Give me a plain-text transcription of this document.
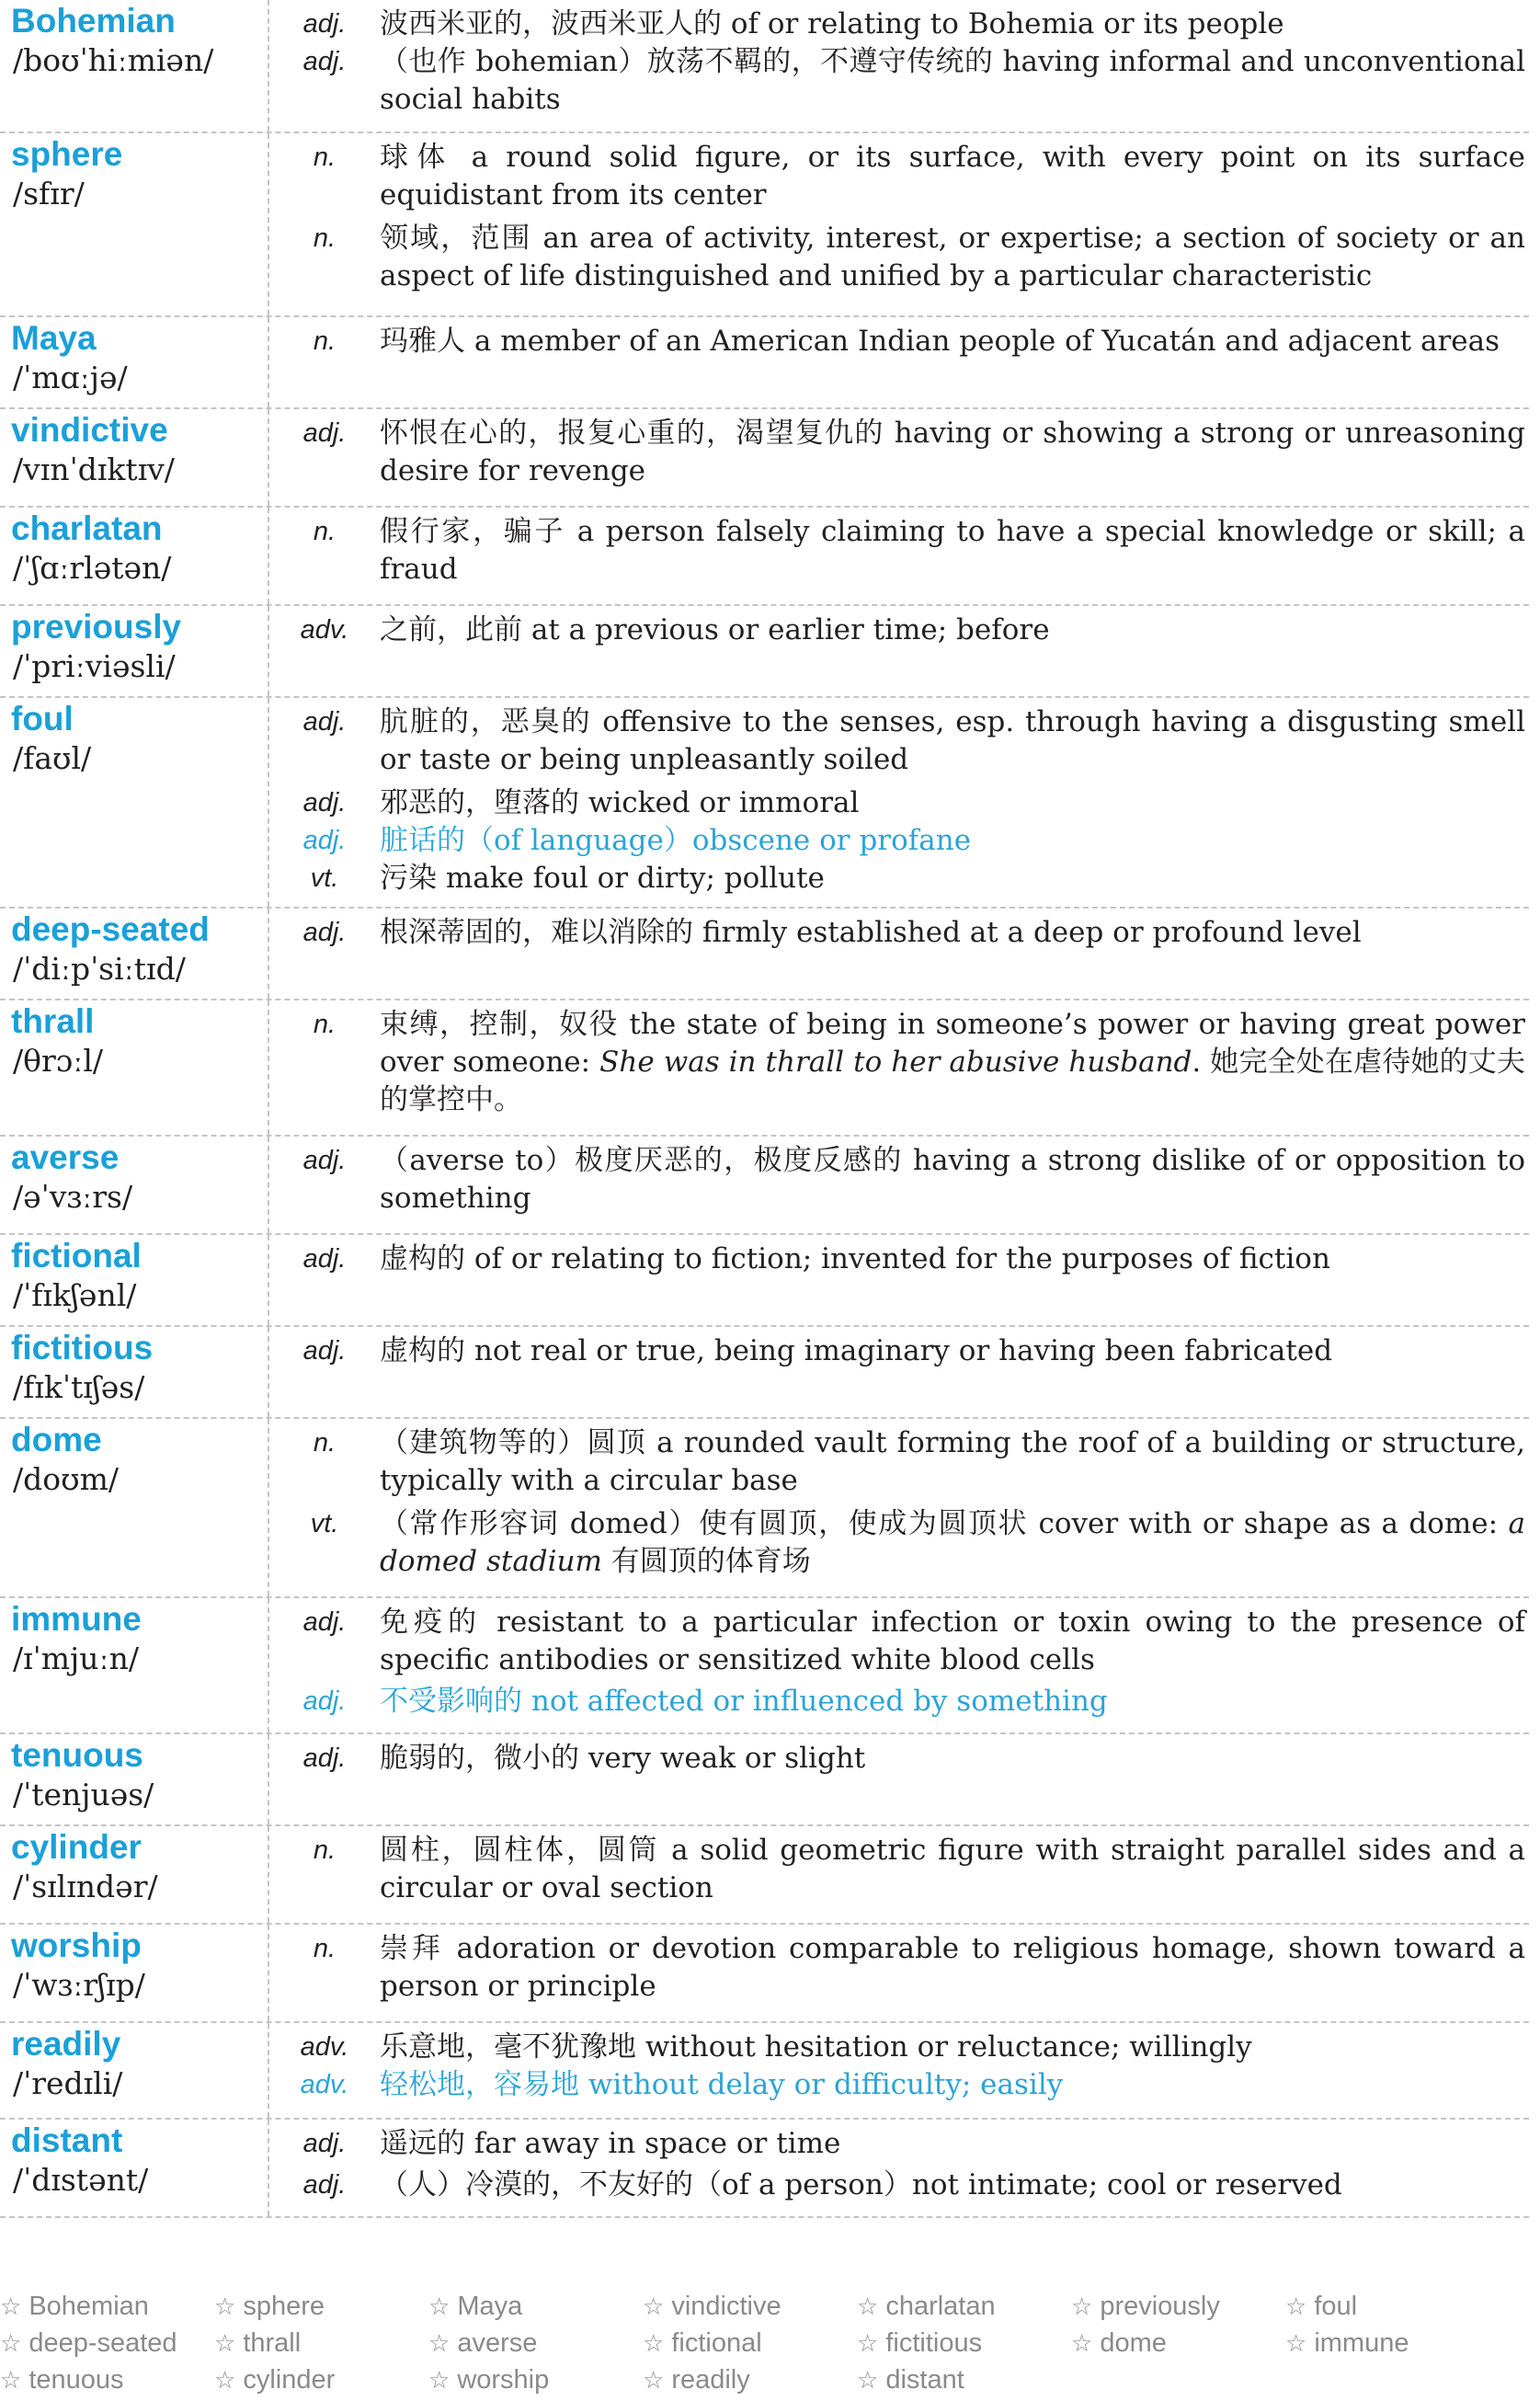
Bohemian
/boʊˈhiːmiən/
adj.	波西米亚的，波西米亚人的 of or relating to Bohemia or its people
adj.	（也作 bohemian）放荡不羁的，不遵守传统的 having informal and unconventional social habits
sphere
/sfɪr/
n.	球体 a round solid figure, or its surface, with every point on its surface equidistant from its center
n.	领域，范围 an area of activity, interest, or expertise; a section of society or an aspect of life distinguished and unified by a particular characteristic
Maya
/ˈmɑːjə/
n.	玛雅人 a member of an American Indian people of Yucatán and adjacent areas
vindictive
/vɪnˈdɪktɪv/
adj.	怀恨在心的，报复心重的，渴望复仇的 having or showing a strong or unreasoning desire for revenge
charlatan
/ˈʃɑːrlətən/
n.	假行家，骗子 a person falsely claiming to have a special knowledge or skill; a fraud
previously
/ˈpriːviəsli/
adv.	之前，此前 at a previous or earlier time; before
foul
/faʊl/
adj.	肮脏的，恶臭的 offensive to the senses, esp. through having a disgusting smell or taste or being unpleasantly soiled
adj.	邪恶的，堕落的 wicked or immoral
adj.	脏话的（of language）obscene or profane
vt.	污染 make foul or dirty; pollute
deep-seated
/ˈdiːpˈsiːtɪd/
adj.	根深蒂固的，难以消除的 firmly established at a deep or profound level
thrall
/θrɔːl/
n.	束缚，控制，奴役 the state of being in someone’s power or having great power over someone: She was in thrall to her abusive husband. 她完全处在虐待她的丈夫的掌控中。
averse
/əˈvɜːrs/
adj.	（averse to）极度厌恶的，极度反感的 having a strong dislike of or opposition to something
fictional
/ˈfɪkʃənl/
adj.	虚构的 of or relating to fiction; invented for the purposes of fiction
fictitious
/fɪkˈtɪʃəs/
adj.	虚构的 not real or true, being imaginary or having been fabricated
dome
/doʊm/
n.	（建筑物等的）圆顶 a rounded vault forming the roof of a building or structure, typically with a circular base
vt.	（常作形容词 domed）使有圆顶，使成为圆顶状 cover with or shape as a dome: a domed stadium 有圆顶的体育场
immune
/ɪˈmjuːn/
adj.	免疫的 resistant to a particular infection or toxin owing to the presence of specific antibodies or sensitized white blood cells
adj.	不受影响的 not affected or influenced by something
tenuous
/ˈtenjuəs/
adj.	脆弱的，微小的 very weak or slight
cylinder
/ˈsɪlɪndər/
n.	圆柱，圆柱体，圆筒 a solid geometric figure with straight parallel sides and a circular or oval section
worship
/ˈwɜːrʃɪp/
n.	崇拜 adoration or devotion comparable to religious homage, shown toward a person or principle
readily
/ˈredɪli/
adv.	乐意地，毫不犹豫地 without hesitation or reluctance; willingly
adv.	轻松地，容易地 without delay or difficulty; easily
distant
/ˈdɪstənt/
adj.	遥远的 far away in space or time
adj.	（人）冷漠的，不友好的（of a person）not intimate; cool or reserved
☆ Bohemian	☆ sphere	☆ Maya	☆ vindictive	☆ charlatan	☆ previously	☆ foul
☆ deep-seated	☆ thrall	☆ averse	☆ fictional	☆ fictitious	☆ dome	☆ immune
☆ tenuous	☆ cylinder	☆ worship	☆ readily	☆ distant
